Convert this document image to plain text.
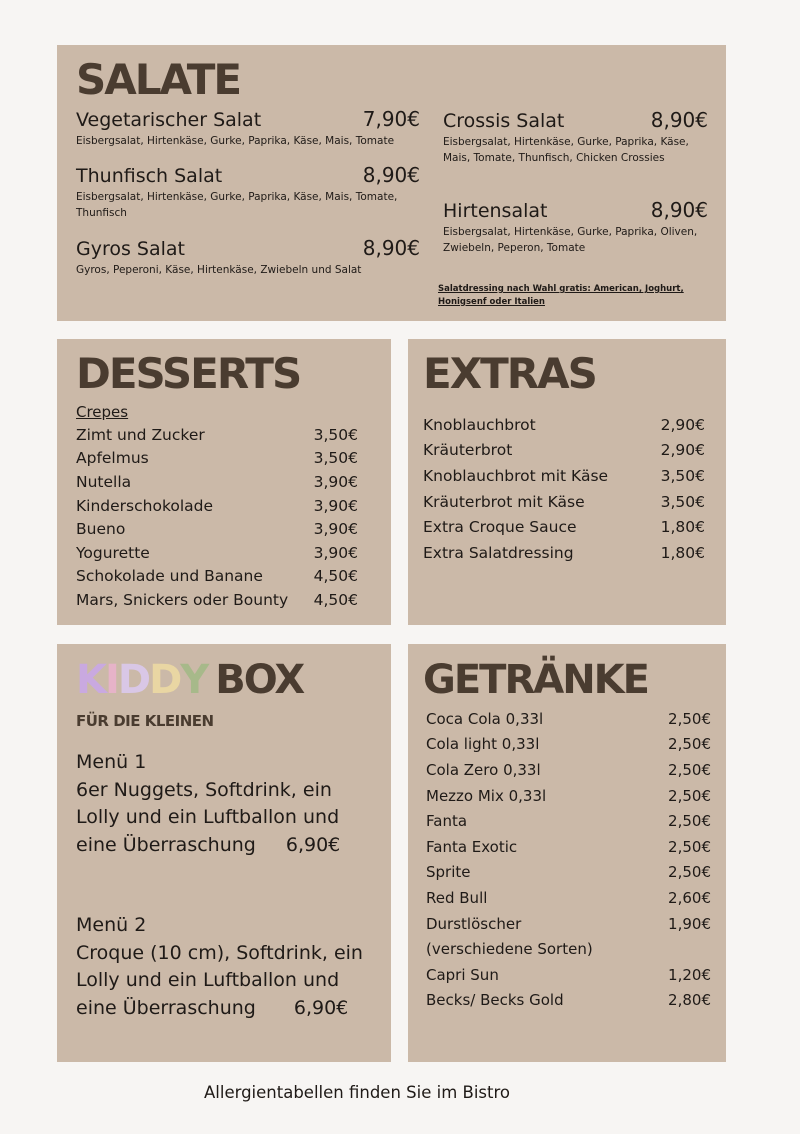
SALATE
Vegetarischer Salat	7,90€
Eisbergsalat, Hirtenkäse, Gurke, Paprika, Käse, Mais, Tomate
Thunfisch Salat	8,90€
Eisbergsalat, Hirtenkäse, Gurke, Paprika, Käse, Mais, Tomate, Thunfisch
Gyros Salat	8,90€
Gyros, Peperoni, Käse, Hirtenkäse, Zwiebeln und Salat
Crossis Salat	8,90€
Eisbergsalat, Hirtenkäse, Gurke, Paprika, Käse, Mais, Tomate, Thunfisch, Chicken Crossies
Hirtensalat	8,90€
Eisbergsalat, Hirtenkäse, Gurke, Paprika, Oliven, Zwiebeln, Peperon, Tomate
Salatdressing nach Wahl gratis: American, Joghurt, Honigsenf oder Italien
DESSERTS
Crepes
Zimt und Zucker	3,50€
Apfelmus	3,50€
Nutella	3,90€
Kinderschokolade	3,90€
Bueno	3,90€
Yogurette	3,90€
Schokolade und Banane	4,50€
Mars, Snickers oder Bounty 4,50€
EXTRAS
Knoblauchbrot	2,90€
Kräuterbrot	2,90€
Knoblauchbrot mit Käse	3,50€
Kräuterbrot mit Käse	3,50€
Extra Croque Sauce	1,80€
Extra Salatdressing	1,80€
K I D D Y BOX
FÜR DIE KLEINEN
Menü 1
6er Nuggets, Softdrink, ein
Lolly und ein Luftballon und
eine Überraschung 6,90€
Menü 2
Croque (10 cm), Softdrink, ein
Lolly und ein Luftballon und
eine Überraschung 6,90€
GETRÄNKE
Coca Cola 0,33l	2,50€
Cola light 0,33l	2,50€
Cola Zero 0,33l	2,50€
Mezzo Mix 0,33l	2,50€
Fanta	2,50€
Fanta Exotic	2,50€
Sprite	2,50€
Red Bull	2,60€
Durstlöscher	1,90€
(verschiedene Sorten)
Capri Sun	1,20€
Becks/ Becks Gold	2,80€
Allergientabellen finden Sie im Bistro
